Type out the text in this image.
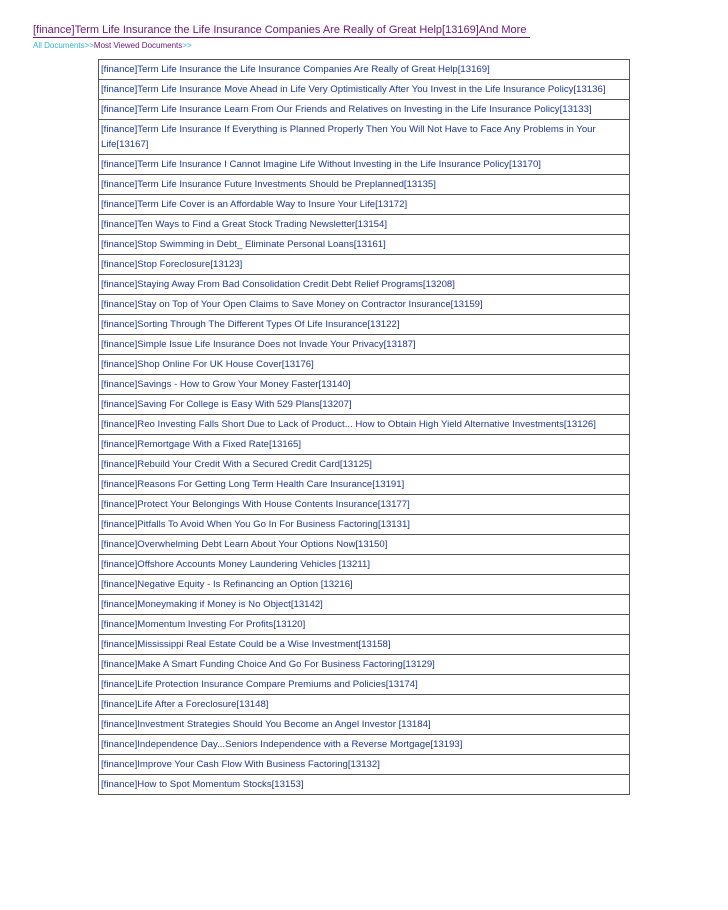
[finance]Term Life Insurance the Life Insurance Companies Are Really of Great Help[13169]And More
All Documents>>Most Viewed Documents>>
[finance]Term Life Insurance the Life Insurance Companies Are Really of Great Help[13169]
[finance]Term Life Insurance Move Ahead in Life Very Optimistically After You Invest in the Life Insurance Policy[13136]
[finance]Term Life Insurance Learn From Our Friends and Relatives on Investing in the Life Insurance Policy[13133]
[finance]Term Life Insurance If Everything is Planned Properly Then You Will Not Have to Face Any Problems in Your Life[13167]
[finance]Term Life Insurance I Cannot Imagine Life Without Investing in the Life Insurance Policy[13170]
[finance]Term Life Insurance Future Investments Should be Preplanned[13135]
[finance]Term Life Cover is an Affordable Way to Insure Your Life[13172]
[finance]Ten Ways to Find a Great Stock Trading Newsletter[13154]
[finance]Stop Swimming in Debt_ Eliminate Personal Loans[13161]
[finance]Stop Foreclosure[13123]
[finance]Staying Away From Bad Consolidation Credit Debt Relief Programs[13208]
[finance]Stay on Top of Your Open Claims to Save Money on Contractor Insurance[13159]
[finance]Sorting Through The Different Types Of Life Insurance[13122]
[finance]Simple Issue Life Insurance Does not Invade Your Privacy[13187]
[finance]Shop Online For UK House Cover[13176]
[finance]Savings - How to Grow Your Money Faster[13140]
[finance]Saving For College is Easy With 529 Plans[13207]
[finance]Reo Investing Falls Short Due to Lack of Product... How to Obtain High Yield Alternative Investments[13126]
[finance]Remortgage With a Fixed Rate[13165]
[finance]Rebuild Your Credit With a Secured Credit Card[13125]
[finance]Reasons For Getting Long Term Health Care Insurance[13191]
[finance]Protect Your Belongings With House Contents Insurance[13177]
[finance]Pitfalls To Avoid When You Go In For Business Factoring[13131]
[finance]Overwhelming Debt Learn About Your Options Now[13150]
[finance]Offshore Accounts Money Laundering Vehicles [13211]
[finance]Negative Equity - Is Refinancing an Option [13216]
[finance]Moneymaking if Money is No Object[13142]
[finance]Momentum Investing For Profits[13120]
[finance]Mississippi Real Estate Could be a Wise Investment[13158]
[finance]Make A Smart Funding Choice And Go For Business Factoring[13129]
[finance]Life Protection Insurance Compare Premiums and Policies[13174]
[finance]Life After a Foreclosure[13148]
[finance]Investment Strategies Should You Become an Angel Investor [13184]
[finance]Independence Day...Seniors Independence with a Reverse Mortgage[13193]
[finance]Improve Your Cash Flow With Business Factoring[13132]
[finance]How to Spot Momentum Stocks[13153]
